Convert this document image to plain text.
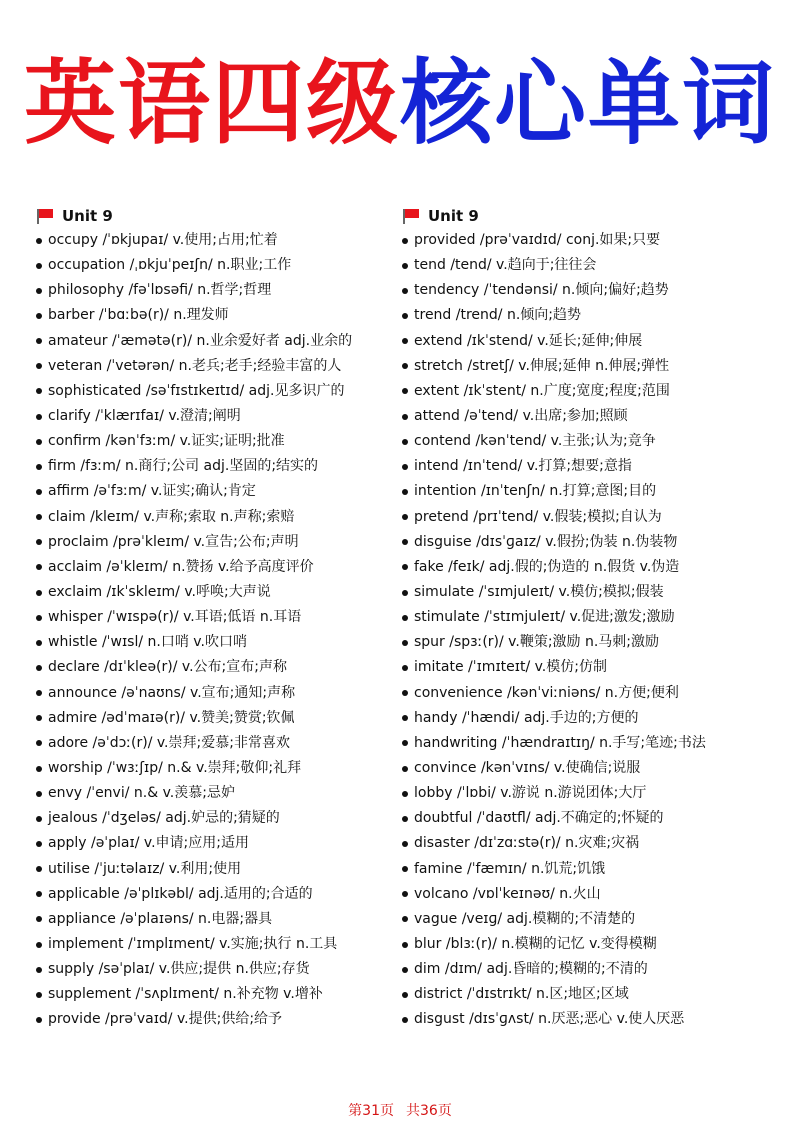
英语四级核心单词
Unit 9
occupy /ˈɒkjupaɪ/ v.使用;占用;忙着
occupation /ˌɒkjuˈpeɪʃn/ n.职业;工作
philosophy /fəˈlɒsəfi/ n.哲学;哲理
barber /ˈbɑːbə(r)/ n.理发师
amateur /ˈæmətə(r)/ n.业余爱好者 adj.业余的
veteran /ˈvetərən/ n.老兵;老手;经验丰富的人
sophisticated /səˈfɪstɪkeɪtɪd/ adj.见多识广的
clarify /ˈklærɪfaɪ/ v.澄清;阐明
confirm /kənˈfɜːm/ v.证实;证明;批准
firm /fɜːm/ n.商行;公司 adj.坚固的;结实的
affirm /əˈfɜːm/ v.证实;确认;肯定
claim /kleɪm/ v.声称;索取 n.声称;索赔
proclaim /prəˈkleɪm/ v.宣告;公布;声明
acclaim /əˈkleɪm/ n.赞扬 v.给予高度评价
exclaim /ɪkˈskleɪm/ v.呼唤;大声说
whisper /ˈwɪspə(r)/ v.耳语;低语 n.耳语
whistle /ˈwɪsl/ n.口哨 v.吹口哨
declare /dɪˈkleə(r)/ v.公布;宣布;声称
announce /əˈnaʊns/ v.宣布;通知;声称
admire /ədˈmaɪə(r)/ v.赞美;赞赏;钦佩
adore /əˈdɔː(r)/ v.崇拜;爱慕;非常喜欢
worship /ˈwɜːʃɪp/ n.& v.崇拜;敬仰;礼拜
envy /ˈenvi/ n.& v.羡慕;忌妒
jealous /ˈdʒeləs/ adj.妒忌的;猜疑的
apply /əˈplaɪ/ v.申请;应用;适用
utilise /ˈjuːtəlaɪz/ v.利用;使用
applicable /əˈplɪkəbl/ adj.适用的;合适的
appliance /əˈplaɪəns/ n.电器;器具
implement /ˈɪmplɪment/ v.实施;执行 n.工具
supply /səˈplaɪ/ v.供应;提供 n.供应;存货
supplement /ˈsʌplɪment/ n.补充物 v.增补
provide /prəˈvaɪd/ v.提供;供给;给予
Unit 9
provided /prəˈvaɪdɪd/ conj.如果;只要
tend /tend/ v.趋向于;往往会
tendency /ˈtendənsi/ n.倾向;偏好;趋势
trend /trend/ n.倾向;趋势
extend /ɪkˈstend/ v.延长;延伸;伸展
stretch /stretʃ/ v.伸展;延伸 n.伸展;弹性
extent /ɪkˈstent/ n.广度;宽度;程度;范围
attend /əˈtend/ v.出席;参加;照顾
contend /kənˈtend/ v.主张;认为;竞争
intend /ɪnˈtend/ v.打算;想要;意指
intention /ɪnˈtenʃn/ n.打算;意图;目的
pretend /prɪˈtend/ v.假装;模拟;自认为
disguise /dɪsˈɡaɪz/ v.假扮;伪装 n.伪装物
fake /feɪk/ adj.假的;伪造的 n.假货 v.伪造
simulate /ˈsɪmjuleɪt/ v.模仿;模拟;假装
stimulate /ˈstɪmjuleɪt/ v.促进;激发;激励
spur /spɜː(r)/ v.鞭策;激励 n.马刺;激励
imitate /ˈɪmɪteɪt/ v.模仿;仿制
convenience /kənˈviːniəns/ n.方便;便利
handy /ˈhændi/ adj.手边的;方便的
handwriting /ˈhændraɪtɪŋ/ n.手写;笔迹;书法
convince /kənˈvɪns/ v.使确信;说服
lobby /ˈlɒbi/ v.游说 n.游说团体;大厅
doubtful /ˈdaʊtfl/ adj.不确定的;怀疑的
disaster /dɪˈzɑːstə(r)/ n.灾难;灾祸
famine /ˈfæmɪn/ n.饥荒;饥饿
volcano /vɒlˈkeɪnəʊ/ n.火山
vague /veɪɡ/ adj.模糊的;不清楚的
blur /blɜː(r)/ n.模糊的记忆 v.变得模糊
dim /dɪm/ adj.昏暗的;模糊的;不清的
district /ˈdɪstrɪkt/ n.区;地区;区域
disgust /dɪsˈɡʌst/ n.厌恶;恶心 v.使人厌恶
第31页 共36页
